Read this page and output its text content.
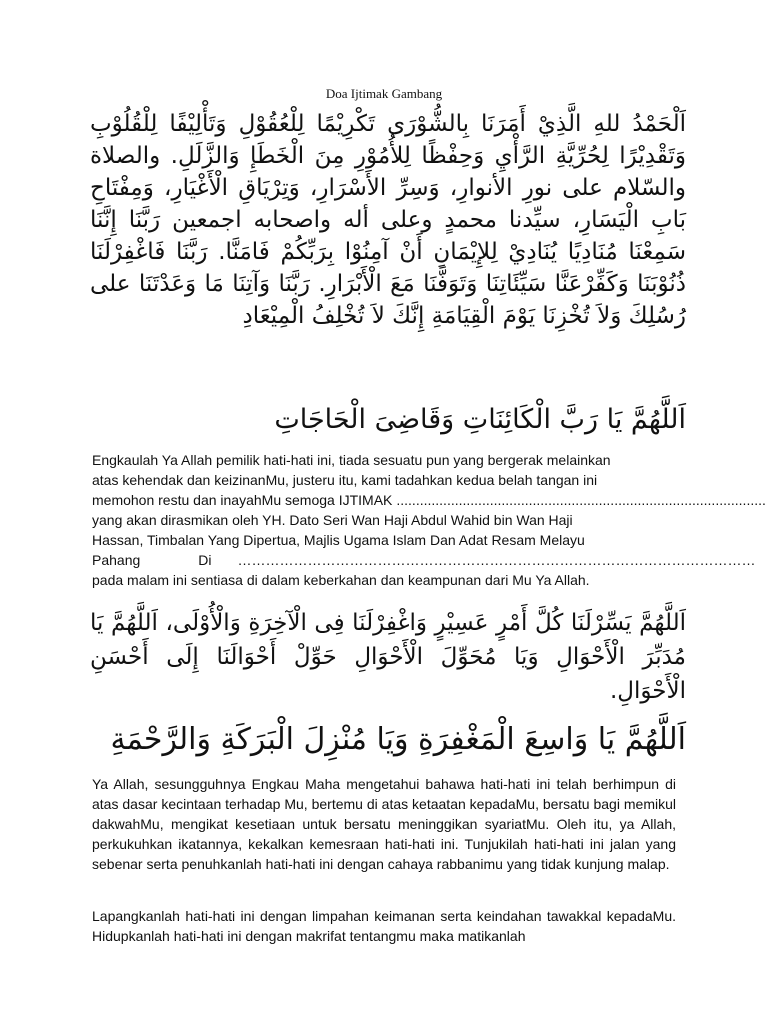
Doa Ijtimak Gambang
اَلْحَمْدُ للهِ الَّذِيْ أَمَرَنَا بِالشُّوْرَى تَكْرِيْمًا لِلْعُقُوْلِ وَتَأْلِيْفًا لِلْقُلُوْبِ وَتَقْدِيْرًا لِحُرِّيَّةِ الرَّأْيِ وَحِفْظًا لِلأُمُوْرِ مِنَ الْخَطَإِ وَالزَّلَلِ. والصلاة والسّلام على نورِ الأنوارِ، وَسِرِّ الأَسْرَارِ، وَتِرْيَاقِ الْأَغْيَارِ، وَمِفْتَاحِ بَابِ الْيَسَارِ، سيِّدنا محمدٍ وعلى أله واصحابه اجمعين رَبَّنَا إِنَّنَا سَمِعْنَا مُنَادِيًا يُنَادِيْ لِلإِيْمَانِ أَنْ آمِنُوْا بِرَبِّكُمْ فَامَنَّا. رَبَّنَا فَاغْفِرْلَنَا ذُنُوْبَنَا وَكَفِّرْعَنَّا سَيِّئَاتِنَا وَتَوَفَّنَا مَعَ الْأَبْرَارِ. رَبَّنَا وَآتِنَا مَا وَعَدْتَنَا على رُسُلِكَ وَلاَ تُخْزِنَا يَوْمَ الْقِيَامَةِ إِنَّكَ لاَ تُخْلِفُ الْمِيْعَادِ
اَللَّهُمَّ يَا رَبَّ الْكَائِنَاتِ وَقَاضِىَ الْحَاجَاتِ
Engkaulah Ya Allah pemilik hati-hati ini, tiada sesuatu pun yang bergerak melainkan
atas kehendak dan keizinanMu, justeru itu, kami tadahkan kedua belah tangan ini
memohon restu dan inayahMu semoga IJTIMAK ...............................................................................................
yang akan dirasmikan oleh YH. Dato Seri Wan Haji Abdul Wahid bin Wan Haji
Hassan, Timbalan Yang Dipertua, Majlis Ugama Islam Dan Adat Resam Melayu
Pahang	Di …………………………………………………………………………………………………
pada malam ini sentiasa di dalam keberkahan dan keampunan dari Mu Ya Allah.
اَللَّهُمَّ يَسِّرْلَنَا كُلَّ أَمْرٍ عَسِيْرٍ وَاغْفِرْلَنَا فِى الْآخِرَةِ وَالْأُوْلَى، اَللَّهُمَّ يَا مُدَبِّرَ الْأَحْوَالِ وَيَا مُحَوِّلَ الْأَحْوَالِ حَوِّلْ أَحْوَالَنَا إِلَى أَحْسَنِ الْأَحْوَالِ.
اَللَّهُمَّ يَا وَاسِعَ الْمَغْفِرَةِ وَيَا مُنْزِلَ الْبَرَكَةِ وَالرَّحْمَةِ
Ya Allah, sesungguhnya Engkau Maha mengetahui bahawa hati-hati ini telah berhimpun di atas dasar kecintaan terhadap Mu, bertemu di atas ketaatan kepadaMu, bersatu bagi memikul dakwahMu, mengikat kesetiaan untuk bersatu meninggikan syariatMu. Oleh itu, ya Allah, perkukuhkan ikatannya, kekalkan kemesraan hati-hati ini. Tunjukilah hati-hati ini jalan yang sebenar serta penuhkanlah hati-hati ini dengan cahaya rabbanimu yang tidak kunjung malap.
Lapangkanlah hati-hati ini dengan limpahan keimanan serta keindahan tawakkal kepadaMu. Hidupkanlah hati-hati ini dengan makrifat tentangmu maka matikanlah
